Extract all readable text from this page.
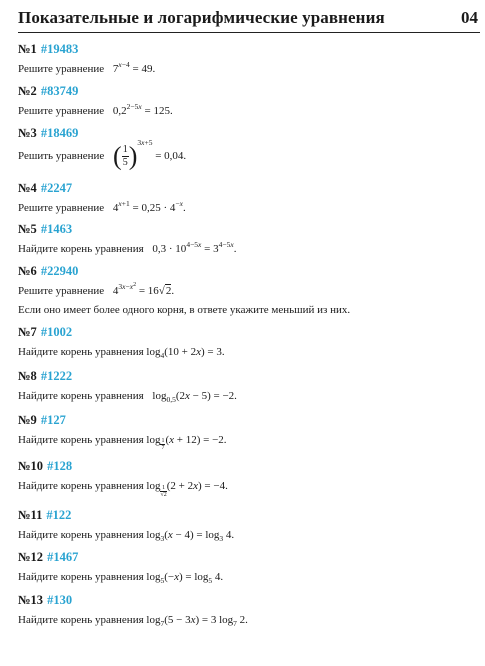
Показательные и логарифмические уравнения	04
№1 #19483
Решите уравнение $7^{x-4} = 49$.
№2 #83749
Решите уравнение $0,2^{2-5x} = 125$.
№3 #18469
Решить уравнение ( $\frac{1}{5} )^{3x+5} = 0,04$.
№4 #2247
Решите уравнение $4^{x+1} = 0,25 \cdot 4^{-x}$.
№5 #1463
Найдите корень уравнения $0,3 \cdot 10^{4-5x} = 3^{4-5x}$.
№6 #22940
Решите уравнение $4^{3x-x^2} = 16√2$.
Если оно имеет более одного корня, в ответе укажите меньший из них.
№7 #1002
Найдите корень уравнения $\log_4(10 + 2x) = 3$.
№8 #1222
Найдите корень уравнения $\log_{0,5}(2x - 5) = -2$.
№9 #127
Найдите корень уравнения $\log \frac{1}{7} (x + 12) = -2$.
№10 #128
Найдите корень уравнения $\log \frac{1}{√2} (2 + 2x) = -4$.
№11 #122
Найдите корень уравнения $\log_3(x - 4) = \log_3 4$.
№12 #1467
Найдите корень уравнения $\log_5(-x) = \log_5 4$.
№13 #130
Найдите корень уравнения $\log_7(5 - 3x) = 3$ $\log_7 2$.
